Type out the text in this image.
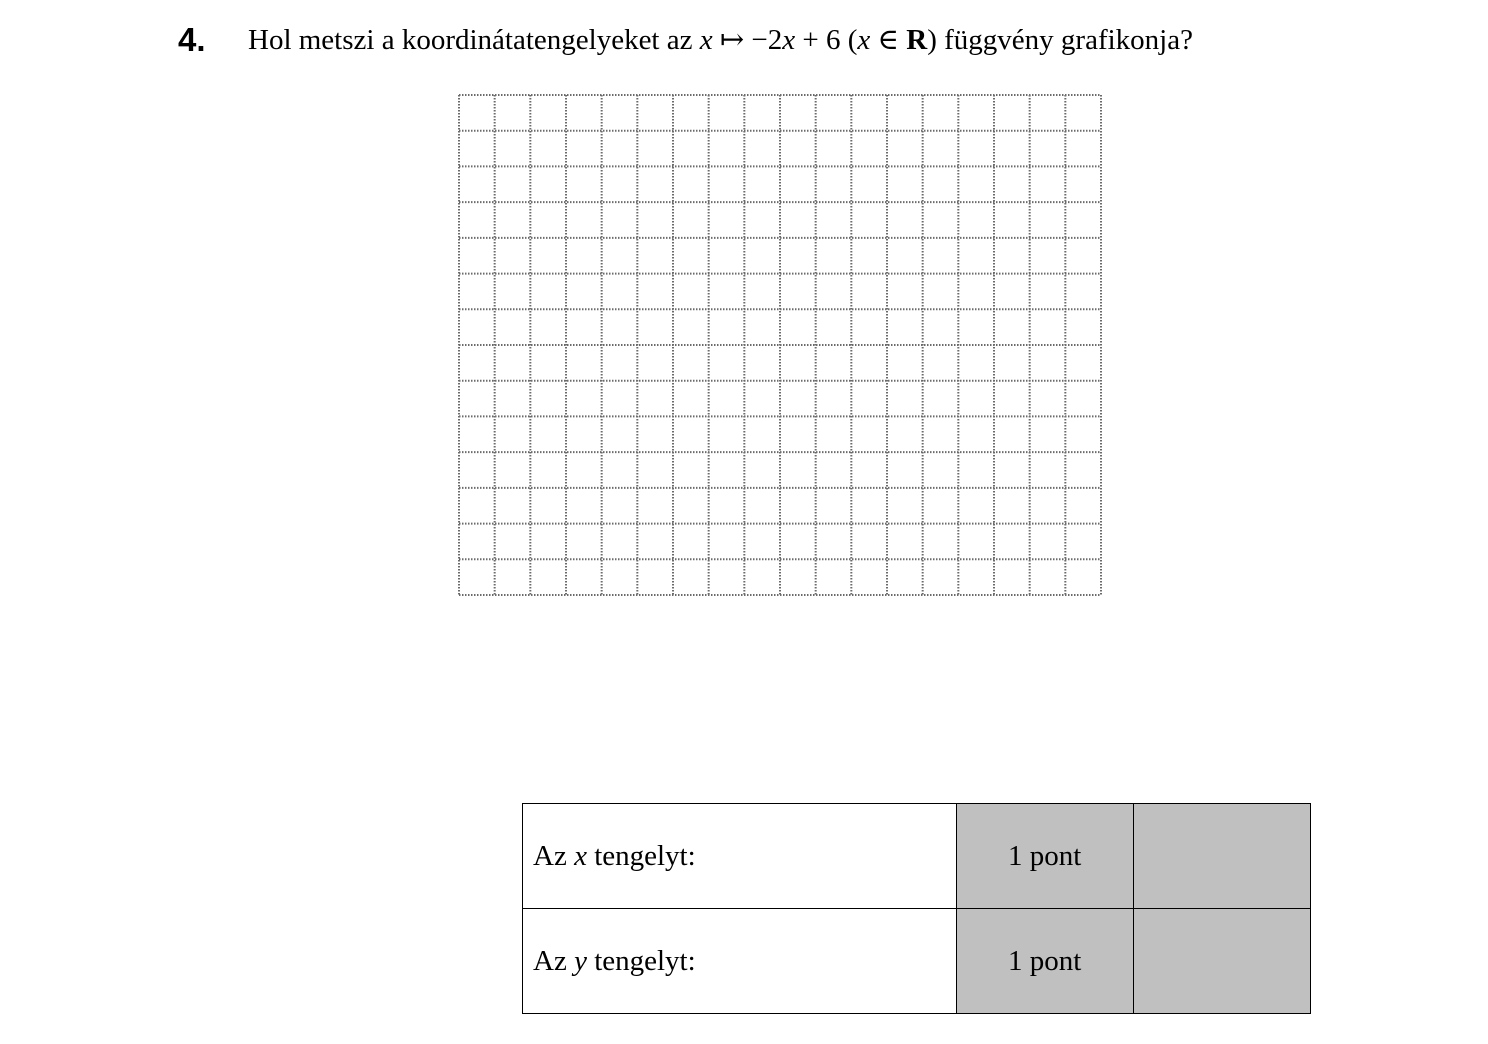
4. Hol metszi a koordinátatengelyeket az x ↦ −2x + 6 (x ∈ R) függvény grafikonja?
Az x tengelyt:	1 pont	
Az y tengelyt:	1 pont	
